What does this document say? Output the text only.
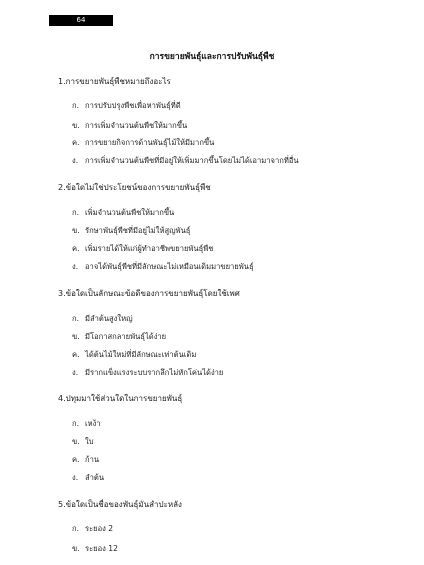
64
การขยายพันธุ์และการปรับพันธุ์พืช
1.การขยายพันธุ์พืชหมายถึงอะไร
ก. การปรับปรุงพืชเพื่อหาพันธุ์ที่ดี
ข. การเพิ่มจำนวนต้นพืชให้มากขึ้น
ค. การขยายกิจการด้านพันธุ์ไม้ให้มีมากขึ้น
ง. การเพิ่มจำนวนต้นพืชที่มีอยู่ให้เพิ่มมากขึ้นโดยไม่ได้เอามาจากที่อื่น
2.ข้อใดไม่ใช่ประโยชน์ของการขยายพันธุ์พืช
ก. เพิ่มจำนวนต้นพืชให้มากขึ้น
ข. รักษาพันธุ์พืชที่มีอยู่ไม่ให้สูญพันธุ์
ค. เพิ่มรายได้ให้แก่ผู้ทำอาชีพขยายพันธุ์พืช
ง. อาจได้พันธุ์พืชที่มีลักษณะไม่เหมือนเดิมมาขยายพันธุ์
3.ข้อใดเป็นลักษณะข้อดีของการขยายพันธุ์โดยใช้เพศ
ก. มีลำต้นสูงใหญ่
ข. มีโอกาสกลายพันธุ์ได้ง่าย
ค. ได้ต้นไม้ใหม่ที่มีลักษณะเท่าต้นเดิม
ง. มีรากแข็งแรงระบบรากลึกไม่หักโค่นได้ง่าย
4.ปทุมมาใช้ส่วนใดในการขยายพันธุ์
ก. เหง้า
ข. ใบ
ค. ก้าน
ง. ลำต้น
5.ข้อใดเป็นชื่อของพันธุ์มันสำปะหลัง
ก. ระยอง 2
ข. ระยอง 12
